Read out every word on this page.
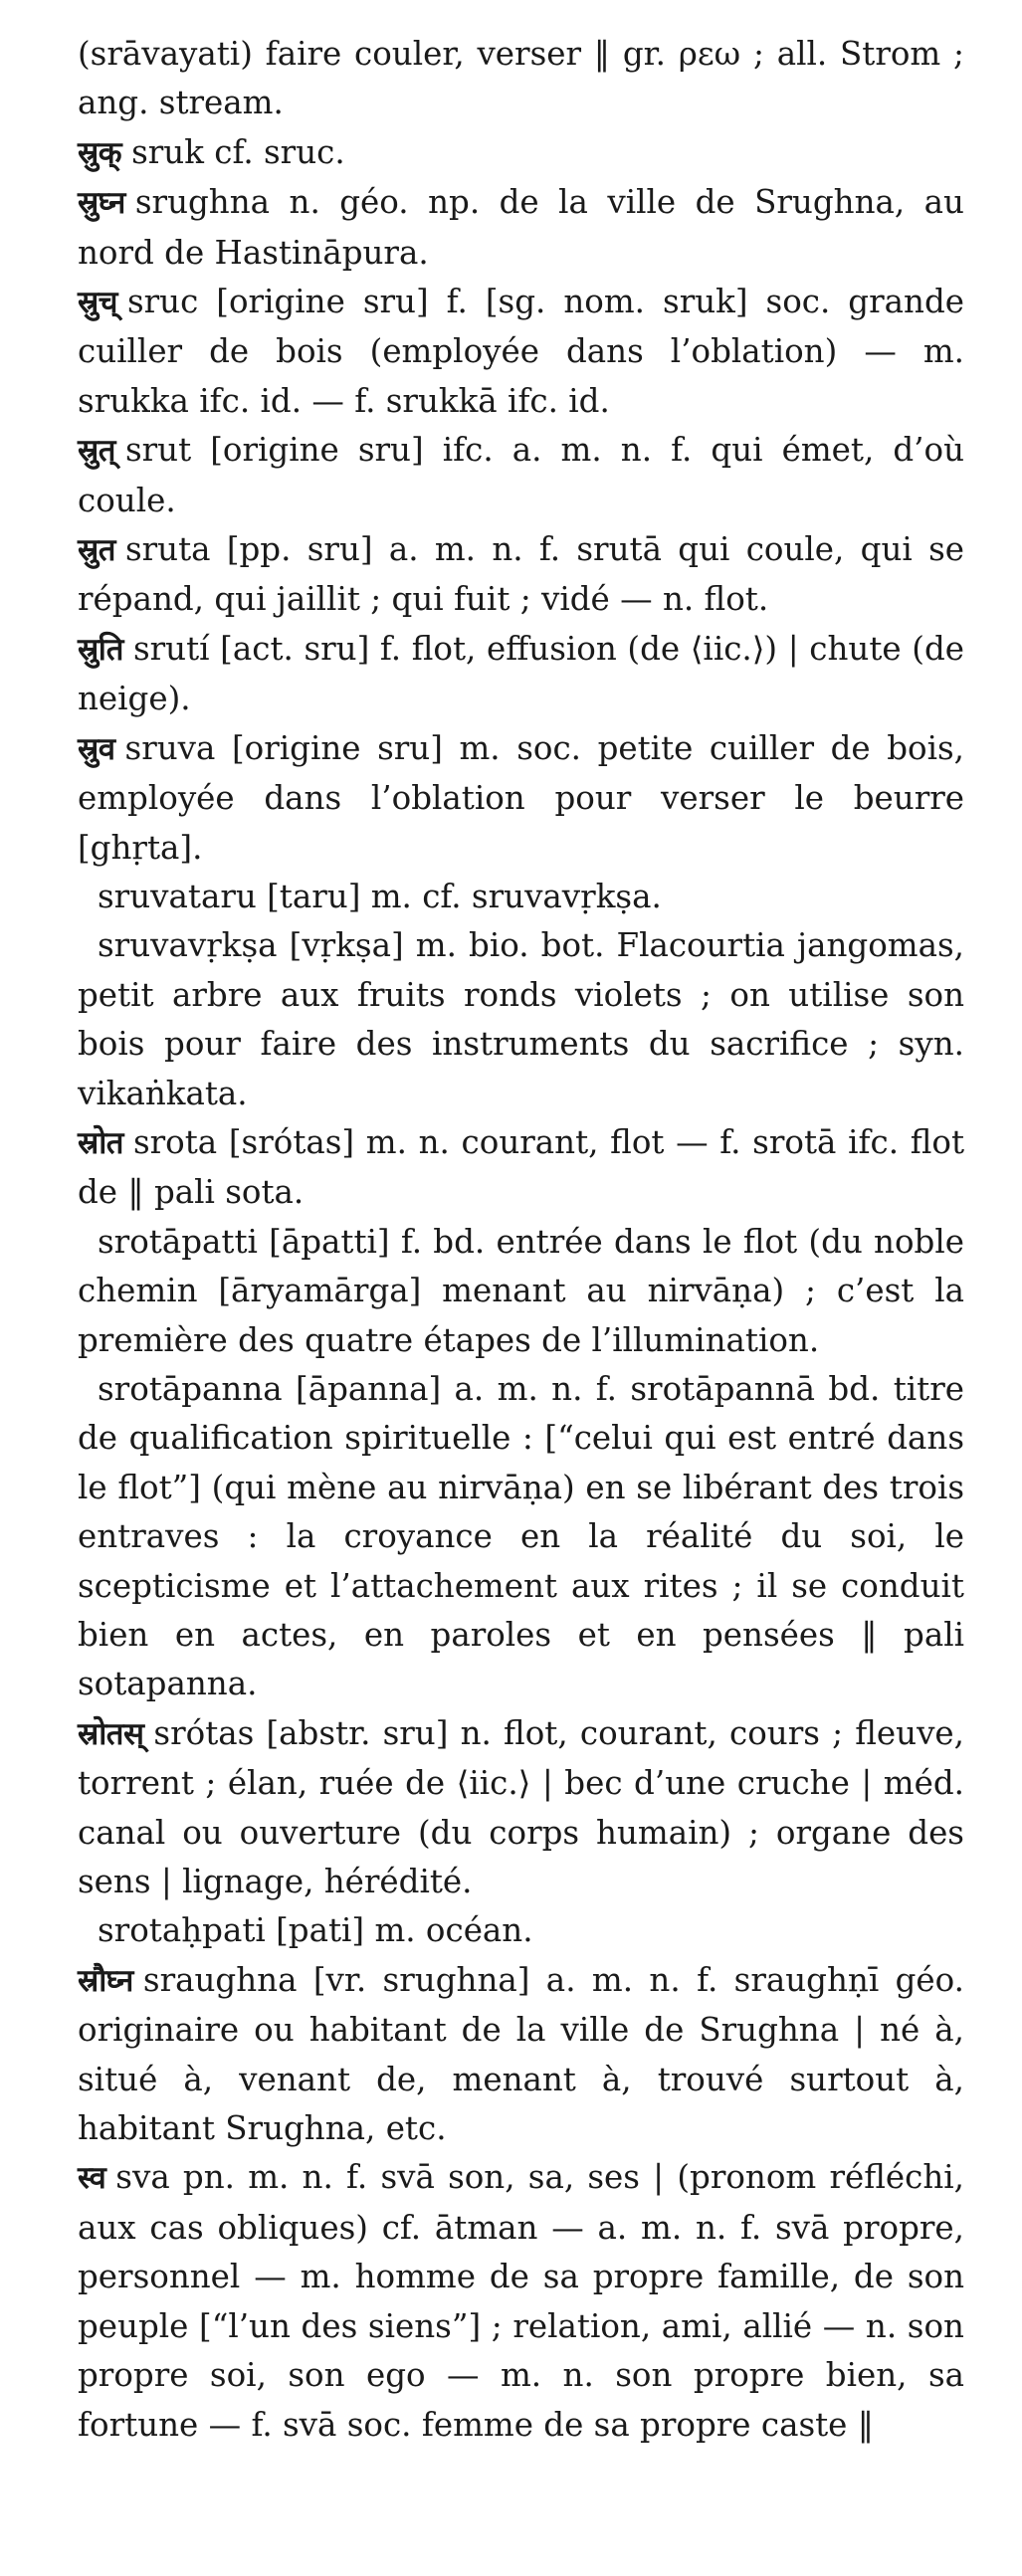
(srāvayati) faire couler, verser ‖ gr. ρεω ; all. Strom ; ang. stream.

स्रुक् sruk cf. sruc.

स्रुघ्न srughna n. géo. np. de la ville de Srughna, au nord de Hastināpura.

स्रुच् sruc [origine sru] f. [sg. nom. sruk] soc. grande cuiller de bois (employée dans l’oblation) — m. srukka ifc. id. — f. srukkā ifc. id.

स्रुत् srut [origine sru] ifc. a. m. n. f. qui émet, d’où coule.

स्रुत sruta [pp. sru] a. m. n. f. srutā qui coule, qui se répand, qui jaillit ; qui fuit ; vidé — n. flot.

स्रुति srutí [act. sru] f. flot, effusion (de ⟨iic.⟩) | chute (de neige).

स्रुव sruva [origine sru] m. soc. petite cuiller de bois, employée dans l’oblation pour verser le beurre [ghṛta].

sruvataru [taru] m. cf. sruvavṛkṣa.

sruvavṛkṣa [vṛkṣa] m. bio. bot. Flacourtia jangomas, petit arbre aux fruits ronds violets ; on utilise son bois pour faire des instruments du sacrifice ; syn. vikaṅkata.

स्रोत srota [srótas] m. n. courant, flot — f. srotā ifc. flot de ‖ pali sota.

srotāpatti [āpatti] f. bd. entrée dans le flot (du noble chemin [āryamārga] menant au nirvāṇa) ; c’est la première des quatre étapes de l’illumination.

srotāpanna [āpanna] a. m. n. f. srotāpannā bd. titre de qualification spirituelle : [“celui qui est entré dans le flot”] (qui mène au nirvāṇa) en se libérant des trois entraves : la croyance en la réalité du soi, le scepticisme et l’attachement aux rites ; il se conduit bien en actes, en paroles et en pensées ‖ pali sotapanna.

स्रोतस् srótas [abstr. sru] n. flot, courant, cours ; fleuve, torrent ; élan, ruée de ⟨iic.⟩ | bec d’une cruche | méd. canal ou ouverture (du corps humain) ; organe des sens | lignage, hérédité.

srotaḥpati [pati] m. océan.

स्रौघ्न sraughna [vr. srughna] a. m. n. f. sraughṇī géo. originaire ou habitant de la ville de Srughna | né à, situé à, venant de, menant à, trouvé surtout à, habitant Srughna, etc.

स्व sva pn. m. n. f. svā son, sa, ses | (pronom réfléchi, aux cas obliques) cf. ātman — a. m. n. f. svā propre, personnel — m. homme de sa propre famille, de son peuple [“l’un des siens”] ; relation, ami, allié — n. son propre soi, son ego — m. n. son propre bien, sa fortune — f. svā soc. femme de sa propre caste ‖
